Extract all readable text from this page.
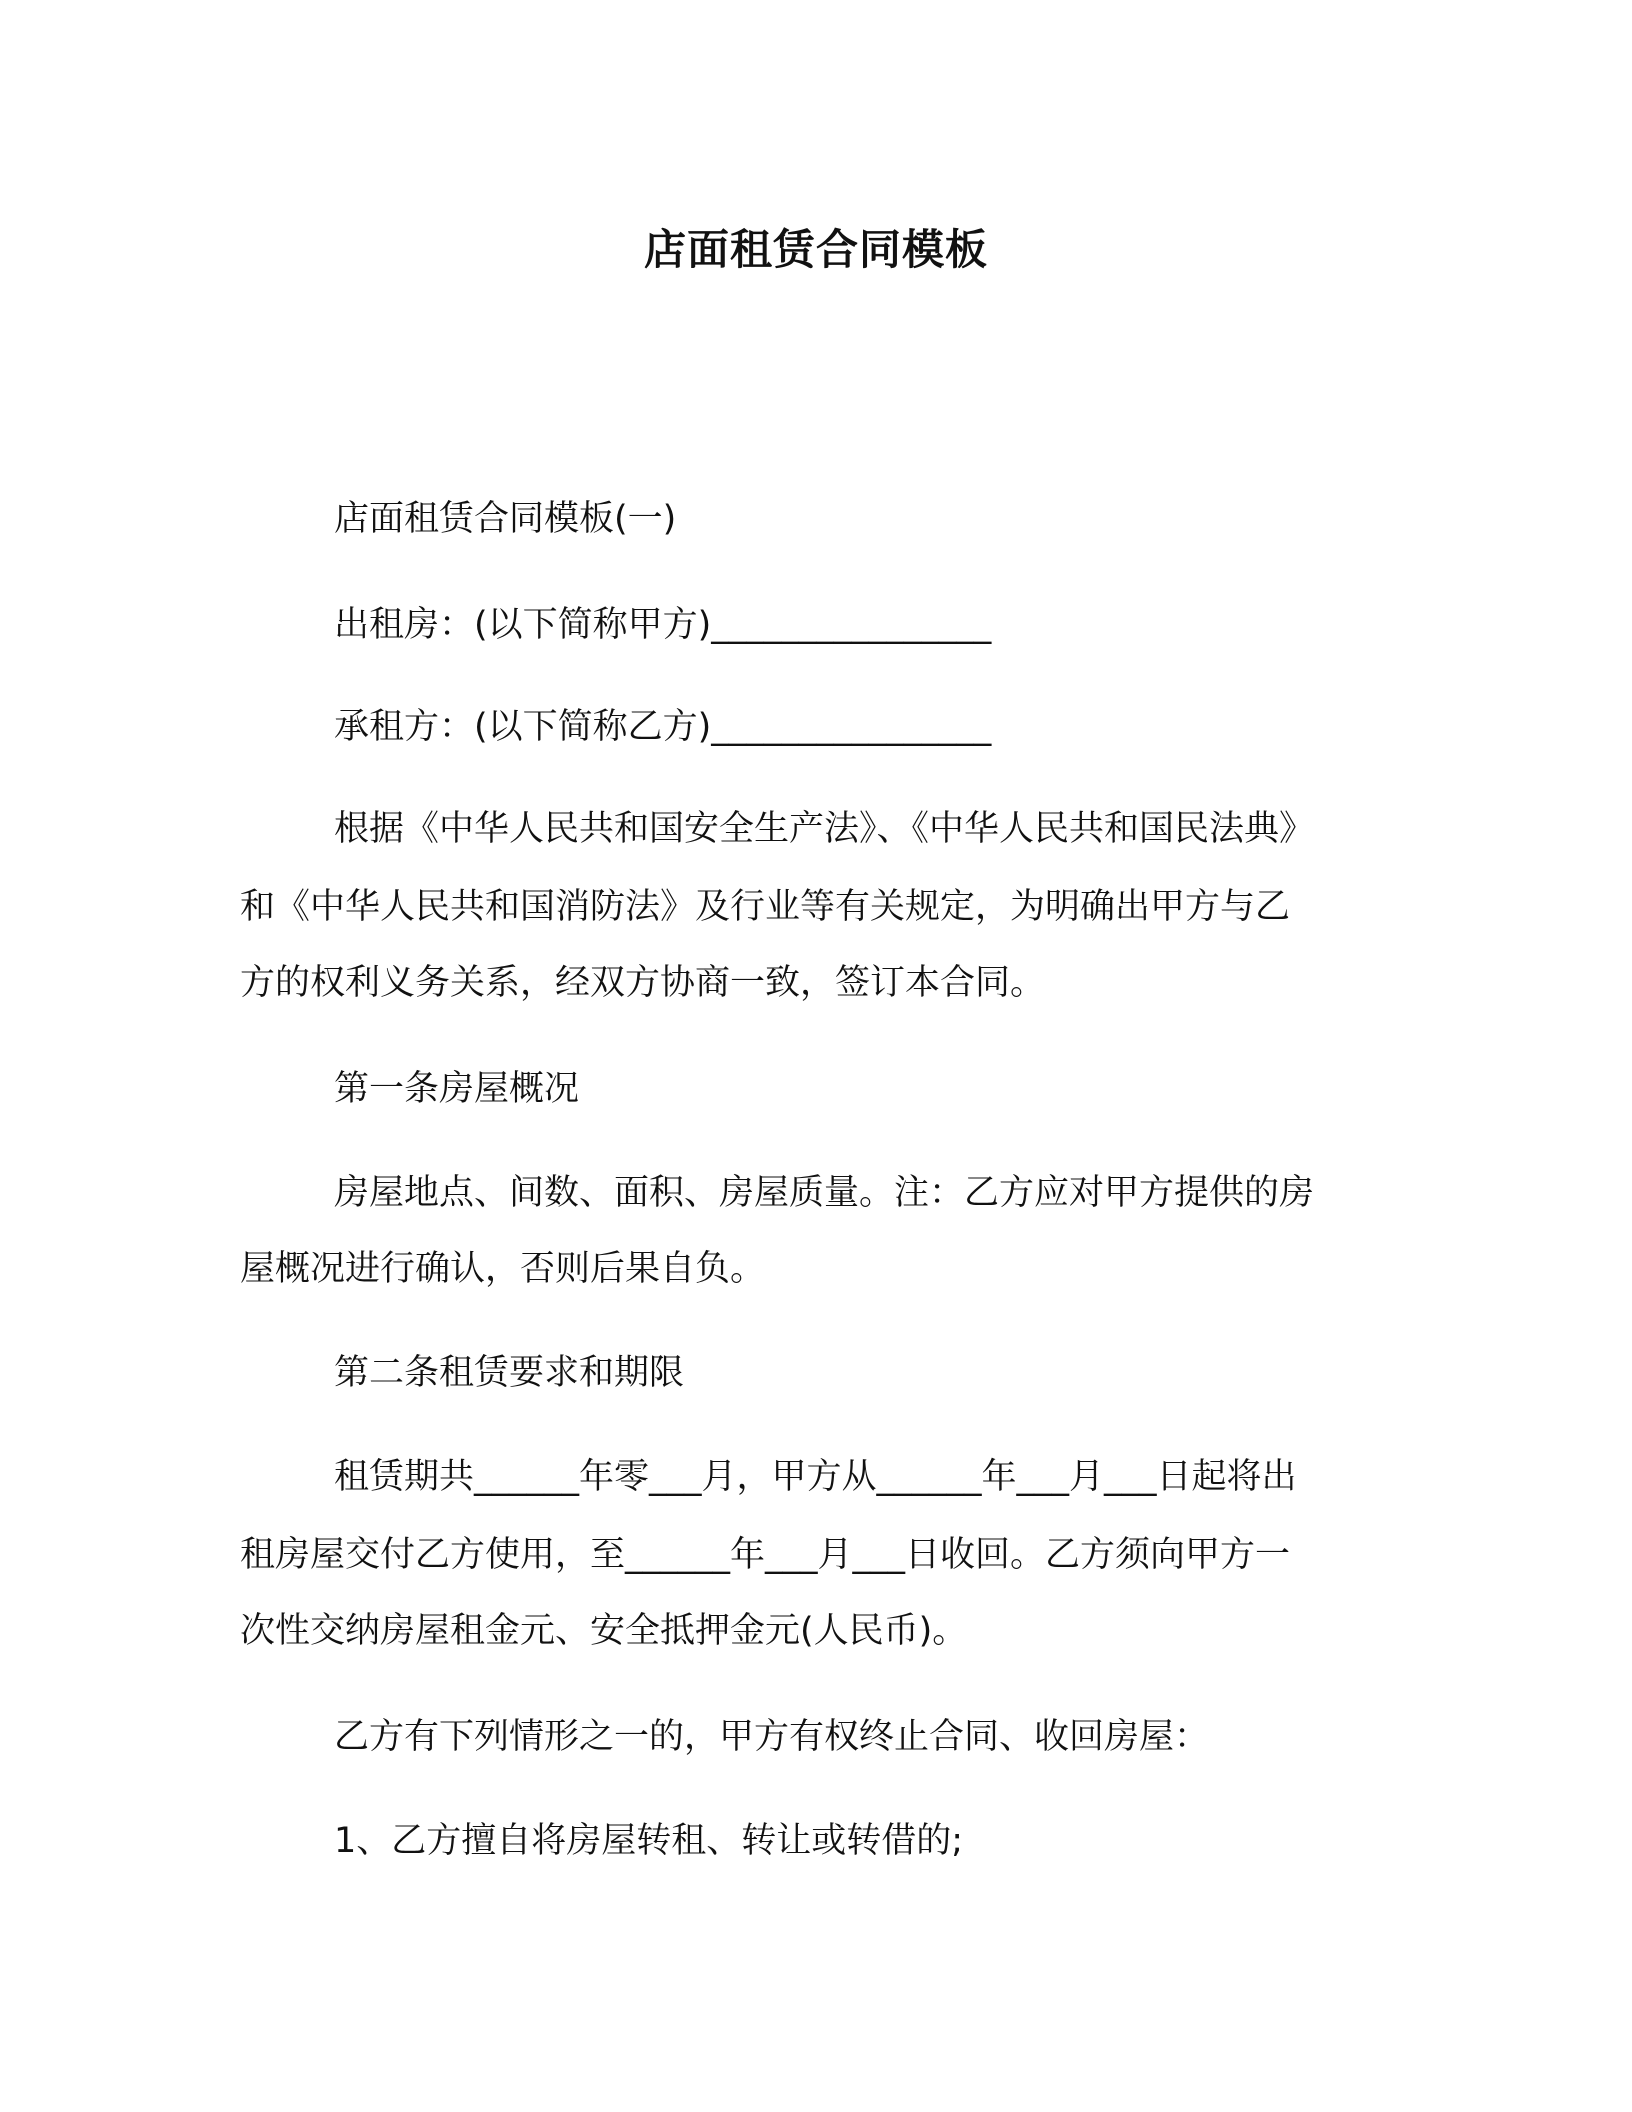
店面租赁合同模板
店面租赁合同模板(一)
出租房：(以下简称甲方)________________
承租方：(以下简称乙方)________________
根据《中华人民共和国安全生产法》、《中华人民共和国民法典》
和《中华人民共和国消防法》及行业等有关规定，为明确出甲方与乙
方的权利义务关系，经双方协商一致，签订本合同。
第一条房屋概况
房屋地点、间数、面积、房屋质量。注：乙方应对甲方提供的房
屋概况进行确认，否则后果自负。
第二条租赁要求和期限
租赁期共______年零___月，甲方从______年___月___日起将出
租房屋交付乙方使用，至______年___月___日收回。乙方须向甲方一
次性交纳房屋租金元、安全抵押金元(人民币)。
乙方有下列情形之一的，甲方有权终止合同、收回房屋：
1、乙方擅自将房屋转租、转让或转借的;
